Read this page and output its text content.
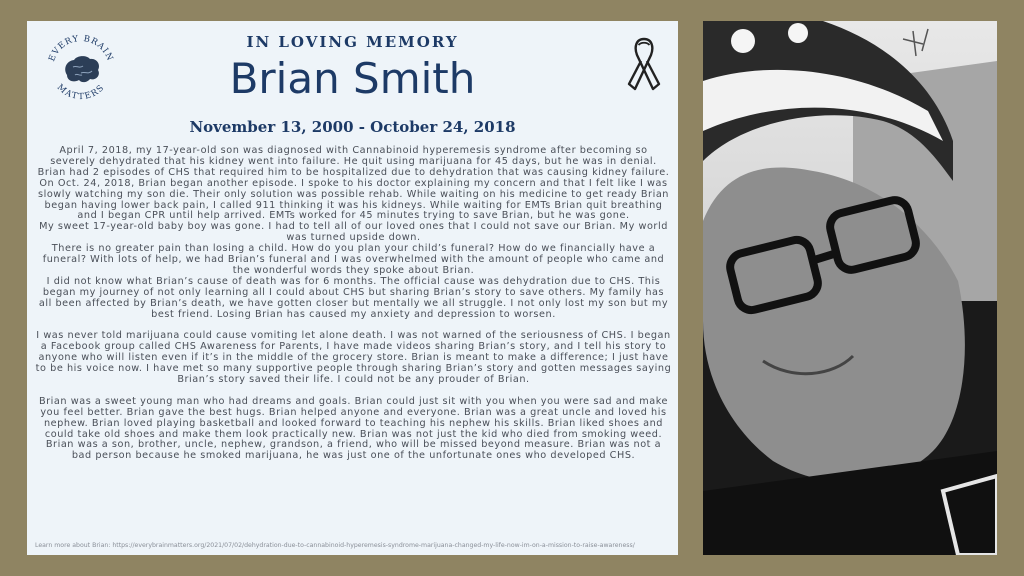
EVERY BRAIN
MATTERS
IN LOVING MEMORY
Brian Smith
November 13, 2000 - October 24, 2018

April 7, 2018, my 17-year-old son was diagnosed with Cannabinoid hyperemesis syndrome after becoming so severely dehydrated that his kidney went into failure. He quit using marijuana for 45 days, but he was in denial. Brian had 2 episodes of CHS that required him to be hospitalized due to dehydration that was causing kidney failure.

On Oct. 24, 2018, Brian began another episode. I spoke to his doctor explaining my concern and that I felt like I was slowly watching my son die. Their only solution was possible rehab. While waiting on his medicine to get ready Brian began having lower back pain, I called 911 thinking it was his kidneys. While waiting for EMTs Brian quit breathing and I began CPR until help arrived. EMTs worked for 45 minutes trying to save Brian, but he was gone.

My sweet 17-year-old baby boy was gone. I had to tell all of our loved ones that I could not save our Brian. My world was turned upside down.

There is no greater pain than losing a child. How do you plan your child’s funeral? How do we financially have a funeral? With lots of help, we had Brian’s funeral and I was overwhelmed with the amount of people who came and the wonderful words they spoke about Brian.

I did not know what Brian’s cause of death was for 6 months. The official cause was dehydration due to CHS. This began my journey of not only learning all I could about CHS but sharing Brian’s story to save others. My family has all been affected by Brian’s death, we have gotten closer but mentally we all struggle. I not only lost my son but my best friend. Losing Brian has caused my anxiety and depression to worsen.

I was never told marijuana could cause vomiting let alone death. I was not warned of the seriousness of CHS. I began a Facebook group called CHS Awareness for Parents, I have made videos sharing Brian’s story, and I tell his story to anyone who will listen even if it’s in the middle of the grocery store. Brian is meant to make a difference; I just have to be his voice now. I have met so many supportive people through sharing Brian’s story and gotten messages saying Brian’s story saved their life. I could not be any prouder of Brian.

Brian was a sweet young man who had dreams and goals. Brian could just sit with you when you were sad and make you feel better. Brian gave the best hugs. Brian helped anyone and everyone. Brian was a great uncle and loved his nephew. Brian loved playing basketball and looked forward to teaching his nephew his skills. Brian liked shoes and could take old shoes and make them look practically new. Brian was not just the kid who died from smoking weed. Brian was a son, brother, uncle, nephew, grandson, a friend, who will be missed beyond measure. Brian was not a bad person because he smoked marijuana, he was just one of the unfortunate ones who developed CHS.

Learn more about Brian: https://everybrainmatters.org/2021/07/02/dehydration-due-to-cannabinoid-hyperemesis-syndrome-marijuana-changed-my-life-now-im-on-a-mission-to-raise-awareness/
